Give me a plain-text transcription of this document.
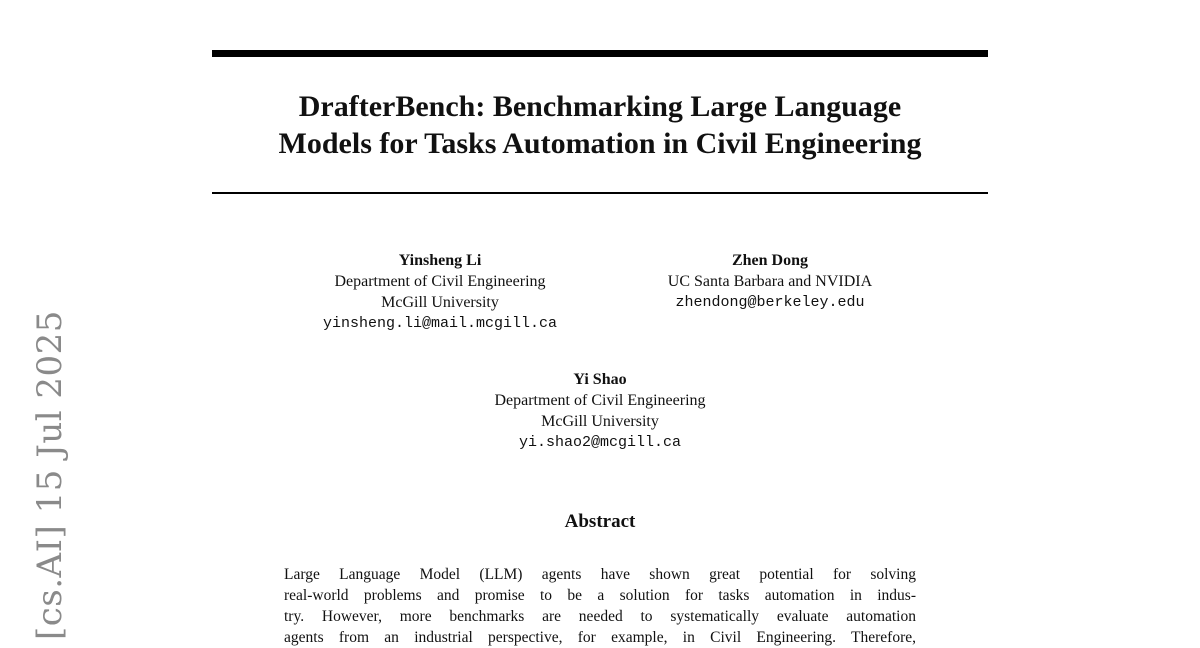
[cs.AI] 15 Jul 2025
DrafterBench: Benchmarking Large Language
Models for Tasks Automation in Civil Engineering
Yinsheng Li
Department of Civil Engineering
McGill University
yinsheng.li@mail.mcgill.ca
Zhen Dong
UC Santa Barbara and NVIDIA
zhendong@berkeley.edu
Yi Shao
Department of Civil Engineering
McGill University
yi.shao2@mcgill.ca
Abstract
Large Language Model (LLM) agents have shown great potential for solving
real-world problems and promise to be a solution for tasks automation in indus-
try. However, more benchmarks are needed to systematically evaluate automation
agents from an industrial perspective, for example, in Civil Engineering. Therefore,
